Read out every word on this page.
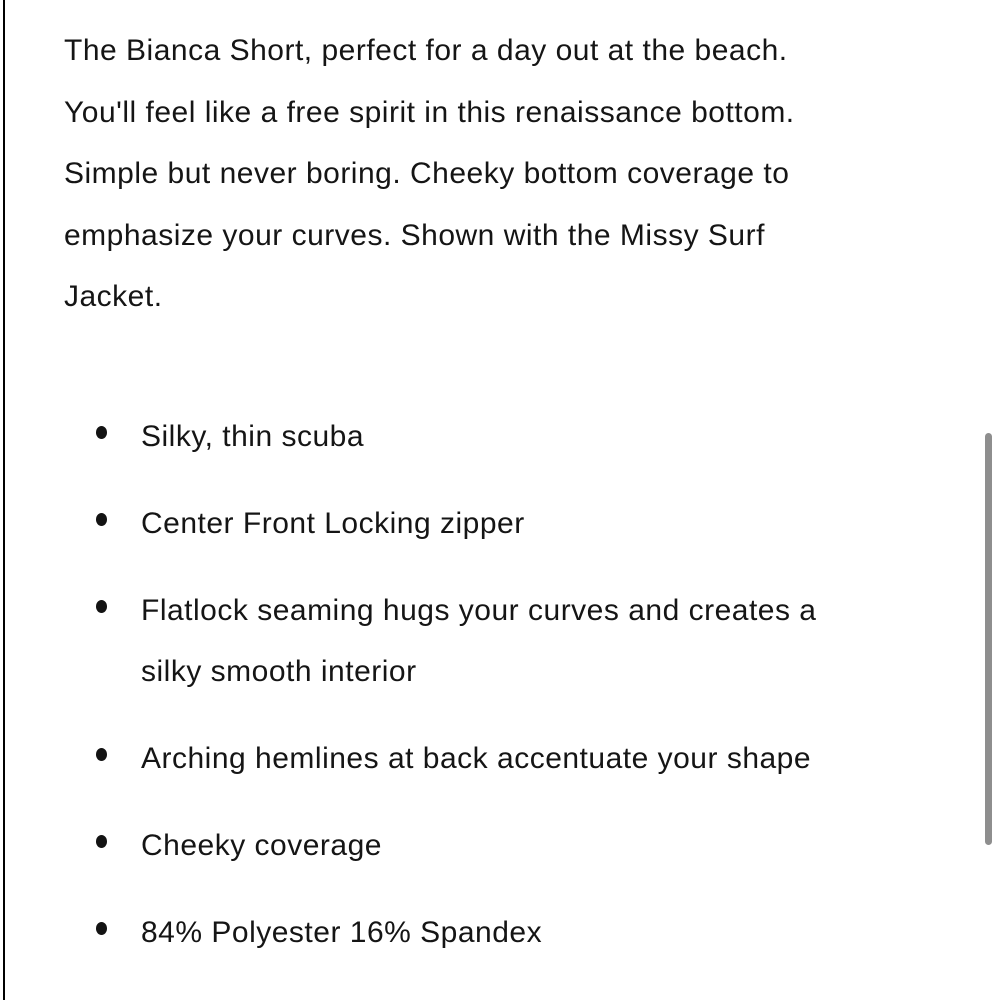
The Bianca Short, perfect for a day out at the beach.
You'll feel like a free spirit in this renaissance bottom.
Simple but never boring. Cheeky bottom coverage to
emphasize your curves. Shown with the Missy Surf
Jacket.

Silky, thin scuba
Center Front Locking zipper
Flatlock seaming hugs your curves and creates a
silky smooth interior
Arching hemlines at back accentuate your shape
Cheeky coverage
84% Polyester 16% Spandex
